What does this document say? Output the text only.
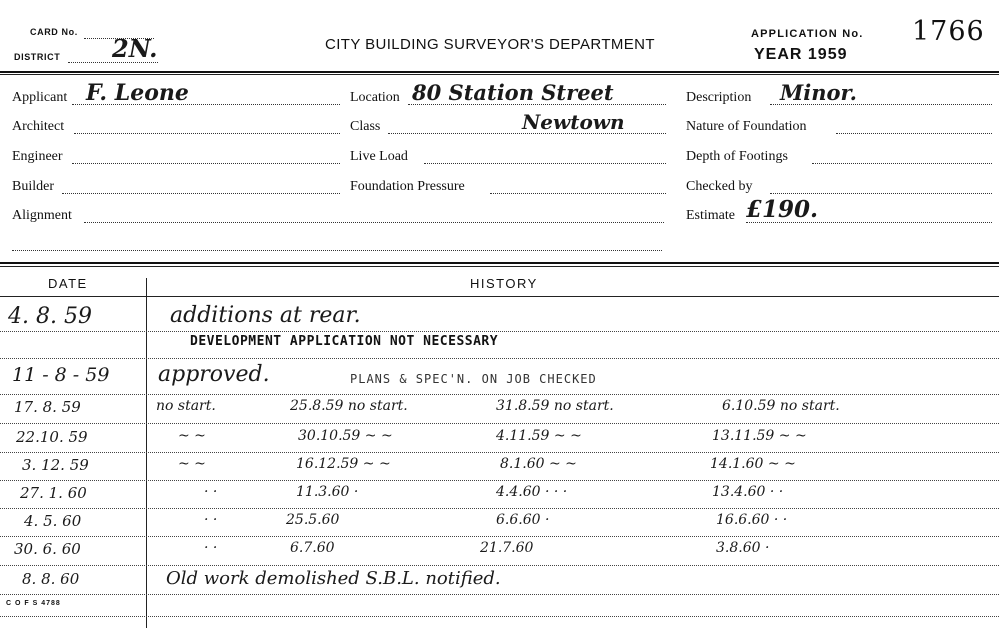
CARD No.
DISTRICT 2N.	CITY BUILDING SURVEYOR'S DEPARTMENT
APPLICATION No.
YEAR 1959
1766
Applicant F. Leone
Architect
Engineer
Builder
Alignment
Location 80 Station Street
Class	Newtown
Live Load
Foundation Pressure
Description Minor.
Nature of Foundation
Depth of Footings
Checked by
Estimate £190.
DATE	HISTORY
4. 8. 59	additions at rear.
DEVELOPMENT APPLICATION NOT NECESSARY
11 - 8 - 59 approved.	PLANS & SPEC'N. ON JOB CHECKED
17. 8. 59	no start.	25.8.59 no start.	31.8.59 no start.	6.10.59 no start.
22.10. 59	~ ~	30.10.59 ~ ~	4.11.59 ~ ~	13.11.59 ~ ~
3. 12. 59	~ ~	16.12.59 ~ ~	8.1.60 ~ ~	14.1.60 ~ ~
27. 1. 60	· ·	11.3.60 ·	4.4.60 · · ·	13.4.60 · ·
4. 5. 60	· ·	25.5.60	6.6.60 ·	16.6.60 · ·
30. 6. 60	· ·	6.7.60	21.7.60	3.8.60 ·
8. 8. 60	Old work demolished S.B.L. notified.
C O F S 4788
